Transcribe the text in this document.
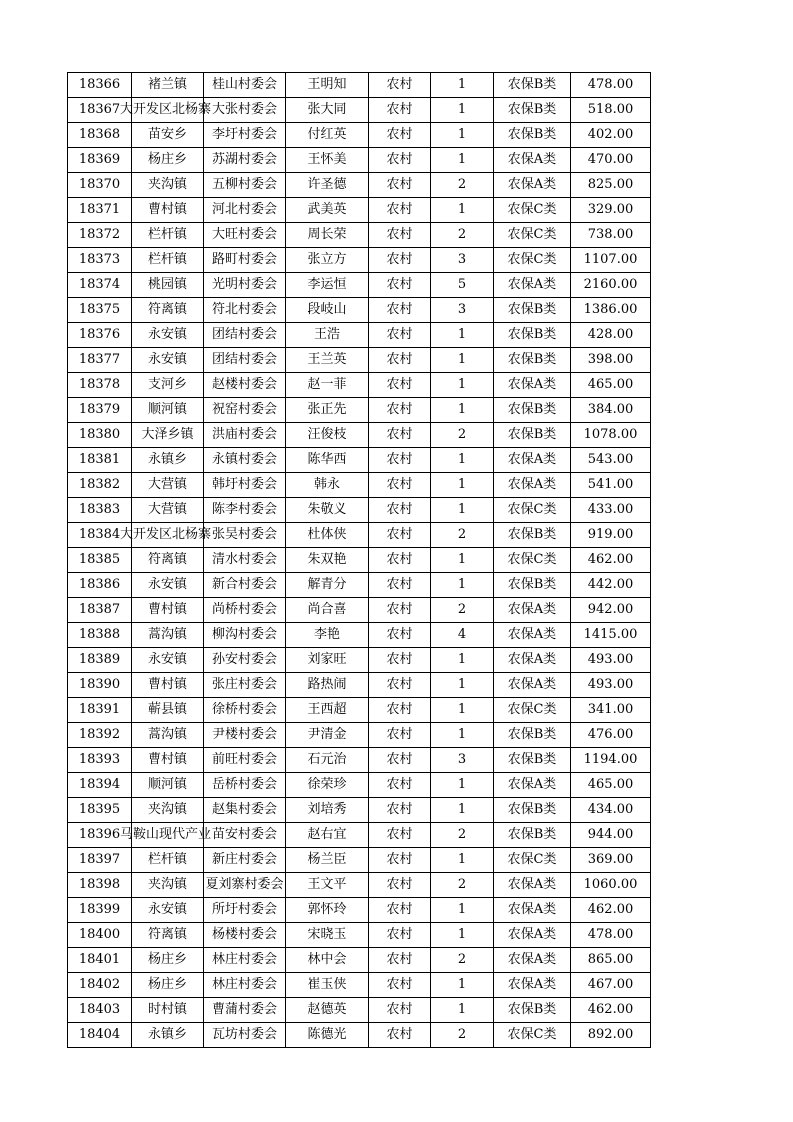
18366	褚兰镇	桂山村委会	王明知	农村	1	农保B类	478.00
18367	大开发区北杨寨	大张村委会	张大同	农村	1	农保B类	518.00
18368	苗安乡	李圩村委会	付红英	农村	1	农保B类	402.00
18369	杨庄乡	苏湖村委会	王怀美	农村	1	农保A类	470.00
18370	夹沟镇	五柳村委会	许圣德	农村	2	农保A类	825.00
18371	曹村镇	河北村委会	武美英	农村	1	农保C类	329.00
18372	栏杆镇	大旺村委会	周长荣	农村	2	农保C类	738.00
18373	栏杆镇	路町村委会	张立方	农村	3	农保C类	1107.00
18374	桃园镇	光明村委会	李运恒	农村	5	农保A类	2160.00
18375	符离镇	符北村委会	段岐山	农村	3	农保B类	1386.00
18376	永安镇	团结村委会	王浩	农村	1	农保B类	428.00
18377	永安镇	团结村委会	王兰英	农村	1	农保B类	398.00
18378	支河乡	赵楼村委会	赵一菲	农村	1	农保A类	465.00
18379	顺河镇	祝窑村委会	张正先	农村	1	农保B类	384.00
18380	大泽乡镇	洪庙村委会	汪俊枝	农村	2	农保B类	1078.00
18381	永镇乡	永镇村委会	陈华西	农村	1	农保A类	543.00
18382	大营镇	韩圩村委会	韩永	农村	1	农保A类	541.00
18383	大营镇	陈李村委会	朱敬义	农村	1	农保C类	433.00
18384	大开发区北杨寨	张吴村委会	杜体侠	农村	2	农保B类	919.00
18385	符离镇	清水村委会	朱双艳	农村	1	农保C类	462.00
18386	永安镇	新合村委会	解青分	农村	1	农保B类	442.00
18387	曹村镇	尚桥村委会	尚合喜	农村	2	农保A类	942.00
18388	蒿沟镇	柳沟村委会	李艳	农村	4	农保A类	1415.00
18389	永安镇	孙安村委会	刘家旺	农村	1	农保A类	493.00
18390	曹村镇	张庄村委会	路热闹	农村	1	农保A类	493.00
18391	蕲县镇	徐桥村委会	王西超	农村	1	农保C类	341.00
18392	蒿沟镇	尹楼村委会	尹清金	农村	1	农保B类	476.00
18393	曹村镇	前旺村委会	石元治	农村	3	农保B类	1194.00
18394	顺河镇	岳桥村委会	徐荣珍	农村	1	农保A类	465.00
18395	夹沟镇	赵集村委会	刘培秀	农村	1	农保B类	434.00
18396	马鞍山现代产业	苗安村委会	赵右宜	农村	2	农保B类	944.00
18397	栏杆镇	新庄村委会	杨兰臣	农村	1	农保C类	369.00
18398	夹沟镇	夏刘寨村委会	王文平	农村	2	农保A类	1060.00
18399	永安镇	所圩村委会	郭怀玲	农村	1	农保A类	462.00
18400	符离镇	杨楼村委会	宋晓玉	农村	1	农保A类	478.00
18401	杨庄乡	林庄村委会	林中会	农村	2	农保A类	865.00
18402	杨庄乡	林庄村委会	崔玉侠	农村	1	农保A类	467.00
18403	时村镇	曹蒲村委会	赵德英	农村	1	农保B类	462.00
18404	永镇乡	瓦坊村委会	陈德光	农村	2	农保C类	892.00
